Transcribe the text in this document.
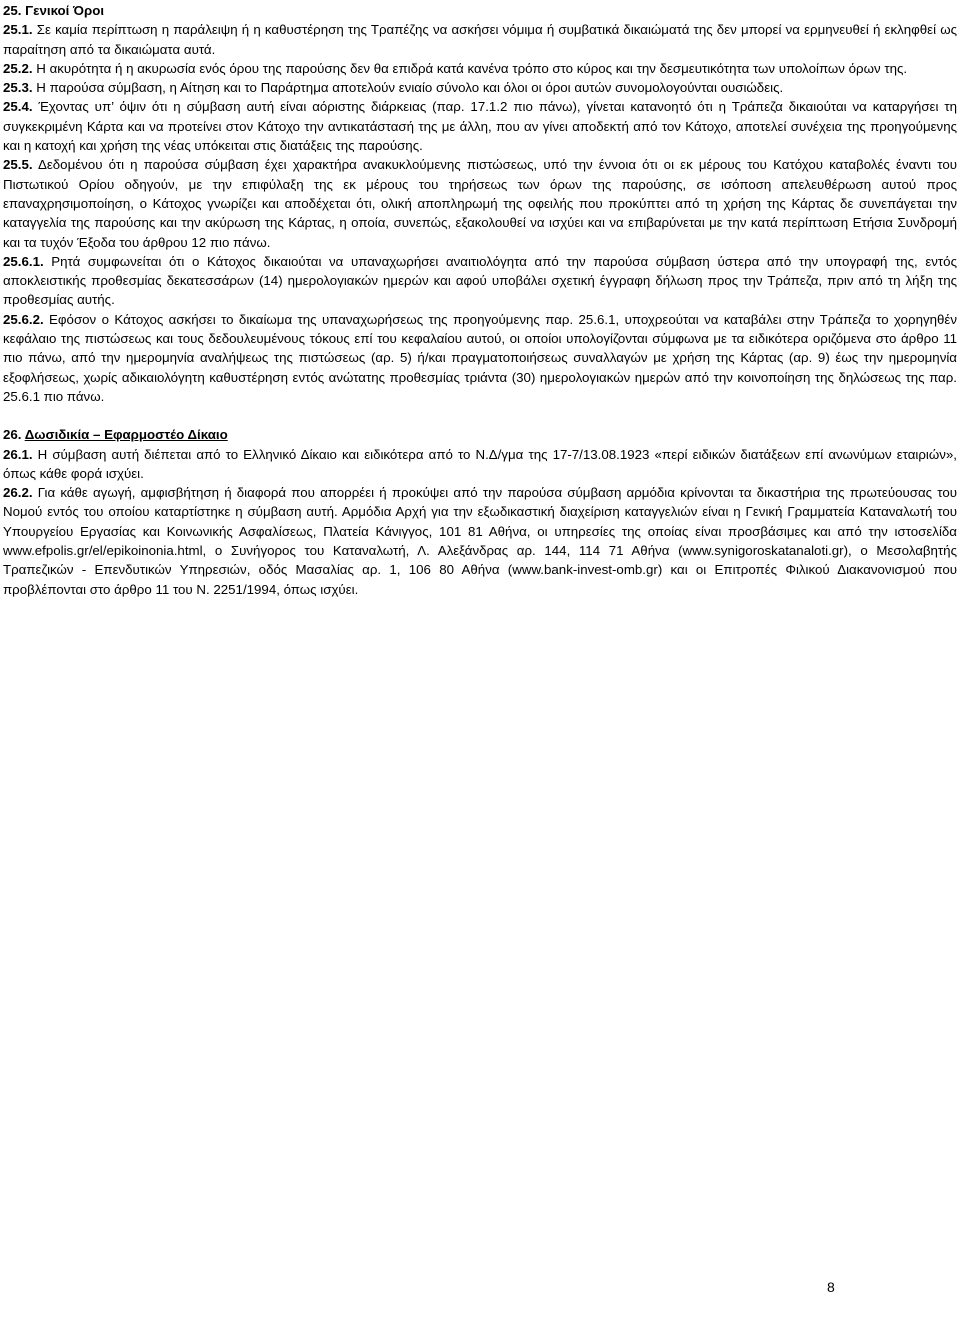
25. Γενικοί Όροι

25.1. Σε καμία περίπτωση η παράλειψη ή η καθυστέρηση της Τραπέζης να ασκήσει νόμιμα ή συμβατικά δικαιώματά της δεν μπορεί να ερμηνευθεί ή εκληφθεί ως παραίτηση από τα δικαιώματα αυτά.

25.2. Η ακυρότητα ή η ακυρωσία ενός όρου της παρούσης δεν θα επιδρά κατά κανένα τρόπο στο κύρος και την δεσμευτικότητα των υπολοίπων όρων της.

25.3. Η παρούσα σύμβαση, η Αίτηση και το Παράρτημα αποτελούν ενιαίο σύνολο και όλοι οι όροι αυτών συνομολογούνται ουσιώδεις.

25.4. Έχοντας υπ’ όψιν ότι η σύμβαση αυτή είναι αόριστης διάρκειας (παρ. 17.1.2 πιο πάνω), γίνεται κατανοητό ότι η Τράπεζα δικαιούται να καταργήσει τη συγκεκριμένη Κάρτα και να προτείνει στον Κάτοχο την αντικατάστασή της με άλλη, που αν γίνει αποδεκτή από τον Κάτοχο, αποτελεί συνέχεια της προηγούμενης και η κατοχή και χρήση της νέας υπόκειται στις διατάξεις της παρούσης.

25.5. Δεδομένου ότι η παρούσα σύμβαση έχει χαρακτήρα ανακυκλούμενης πιστώσεως, υπό την έννοια ότι οι εκ μέρους του Κατόχου καταβολές έναντι του Πιστωτικού Ορίου οδηγούν, με την επιφύλαξη της εκ μέρους του τηρήσεως των όρων της παρούσης, σε ισόποση απελευθέρωση αυτού προς επαναχρησιμοποίηση, ο Κάτοχος γνωρίζει και αποδέχεται ότι, ολική αποπληρωμή της οφειλής που προκύπτει από τη χρήση της Κάρτας δε συνεπάγεται την καταγγελία της παρούσης και την ακύρωση της Κάρτας, η οποία, συνεπώς, εξακολουθεί να ισχύει και να επιβαρύνεται με την κατά περίπτωση Ετήσια Συνδρομή και τα τυχόν Έξοδα του άρθρου 12 πιο πάνω.

25.6.1. Ρητά συμφωνείται ότι ο Κάτοχος δικαιούται να υπαναχωρήσει αναιτιολόγητα από την παρούσα σύμβαση ύστερα από την υπογραφή της, εντός αποκλειστικής προθεσμίας δεκατεσσάρων (14) ημερολογιακών ημερών και αφού υποβάλει σχετική έγγραφη δήλωση προς την Τράπεζα, πριν από τη λήξη της προθεσμίας αυτής.

25.6.2. Εφόσον ο Κάτοχος ασκήσει το δικαίωμα της υπαναχωρήσεως της προηγούμενης παρ. 25.6.1, υποχρεούται να καταβάλει στην Τράπεζα το χορηγηθέν κεφάλαιο της πιστώσεως και τους δεδουλευμένους τόκους επί του κεφαλαίου αυτού, οι οποίοι υπολογίζονται σύμφωνα με τα ειδικότερα οριζόμενα στο άρθρο 11 πιο πάνω, από την ημερομηνία αναλήψεως της πιστώσεως (αρ. 5) ή/και πραγματοποιήσεως συναλλαγών με χρήση της Κάρτας (αρ. 9) έως την ημερομηνία εξοφλήσεως, χωρίς αδικαιολόγητη καθυστέρηση εντός ανώτατης προθεσμίας τριάντα (30) ημερολογιακών ημερών από την κοινοποίηση της δηλώσεως της παρ. 25.6.1 πιο πάνω.

26. Δωσιδικία – Εφαρμοστέο Δίκαιο

26.1. Η σύμβαση αυτή διέπεται από το Ελληνικό Δίκαιο και ειδικότερα από το Ν.Δ/γμα της 17-7/13.08.1923 «περί ειδικών διατάξεων επί ανωνύμων εταιριών», όπως κάθε φορά ισχύει.

26.2. Για κάθε αγωγή, αμφισβήτηση ή διαφορά που απορρέει ή προκύψει από την παρούσα σύμβαση αρμόδια κρίνονται τα δικαστήρια της πρωτεύουσας του Νομού εντός του οποίου καταρτίστηκε η σύμβαση αυτή. Αρμόδια Αρχή για την εξωδικαστική διαχείριση καταγγελιών είναι η Γενική Γραμματεία Καταναλωτή του Υπουργείου Εργασίας και Κοινωνικής Ασφαλίσεως, Πλατεία Κάνιγγος, 101 81 Αθήνα, οι υπηρεσίες της οποίας είναι προσβάσιμες και από την ιστοσελίδα www.efpolis.gr/el/epikoinonia.html, ο Συνήγορος του Καταναλωτή, Λ. Αλεξάνδρας αρ. 144, 114 71 Αθήνα (www.synigoroskatanaloti.gr), ο Μεσολαβητής Τραπεζικών - Επενδυτικών Υπηρεσιών, οδός Μασαλίας αρ. 1, 106 80 Αθήνα (www.bank-invest-omb.gr) και οι Επιτροπές Φιλικού Διακανονισμού που προβλέπονται στο άρθρο 11 του Ν. 2251/1994, όπως ισχύει.

8
